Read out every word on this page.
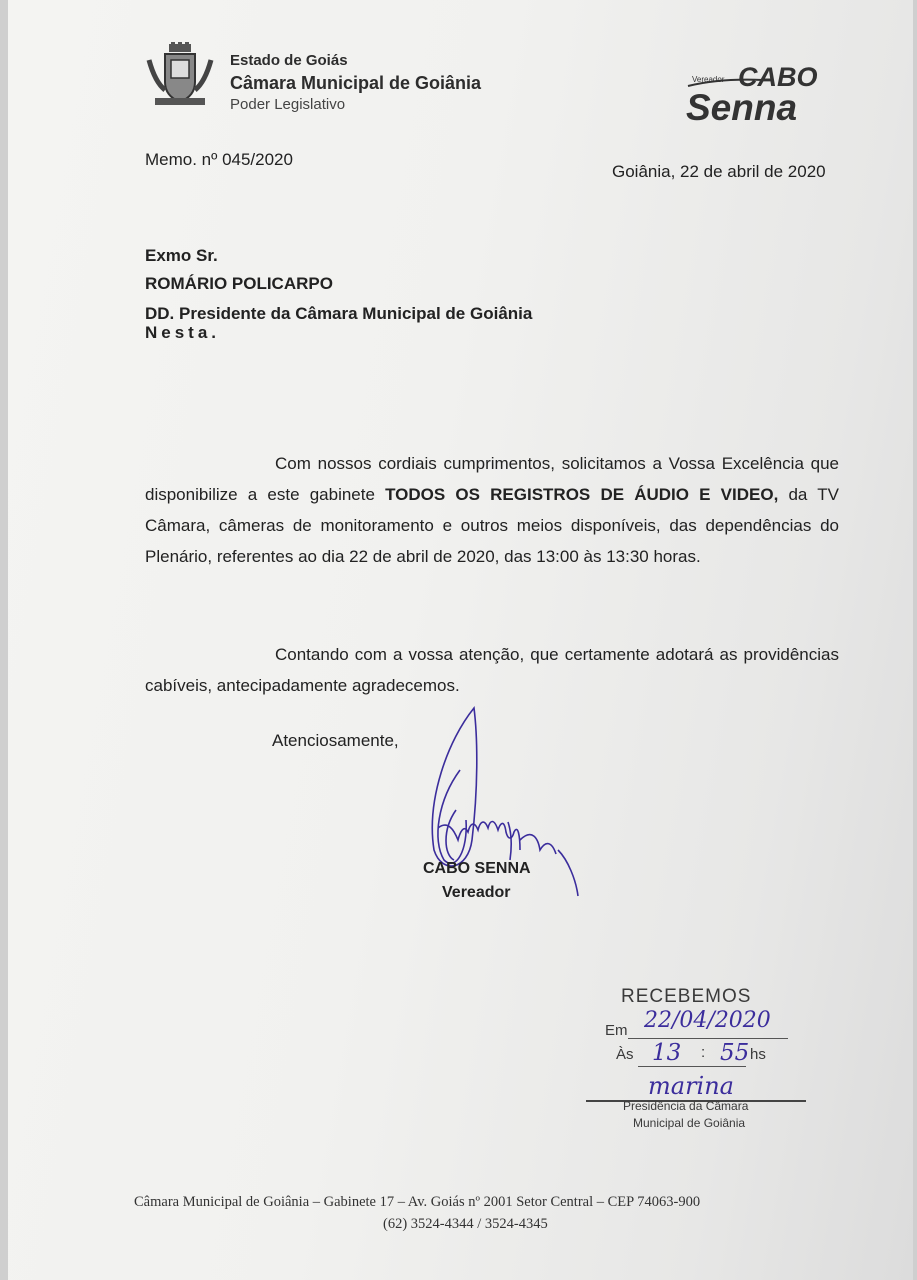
Estado de Goiás
Câmara Municipal de Goiânia
Poder Legislativo
Vereador CABO
Senna
Memo. nº 045/2020
Goiânia, 22 de abril de 2020
Exmo Sr.
ROMÁRIO POLICARPO
DD. Presidente da Câmara Municipal de Goiânia
Nesta.
Com nossos cordiais cumprimentos, solicitamos a Vossa Excelência que disponibilize a este gabinete TODOS OS REGISTROS DE ÁUDIO E VIDEO, da TV Câmara, câmeras de monitoramento e outros meios disponíveis, das dependências do Plenário, referentes ao dia 22 de abril de 2020, das 13:00 às 13:30 horas.
Contando com a vossa atenção, que certamente adotará as providências cabíveis, antecipadamente agradecemos.
Atenciosamente,
CABO SENNA
Vereador
RECEBEMOS
Em 22/04/2020
Às 13 : 55 hs
marina
Presidência da Câmara
Municipal de Goiânia
Câmara Municipal de Goiânia – Gabinete 17 – Av. Goiás nº 2001 Setor Central – CEP 74063-900
(62) 3524-4344 / 3524-4345
